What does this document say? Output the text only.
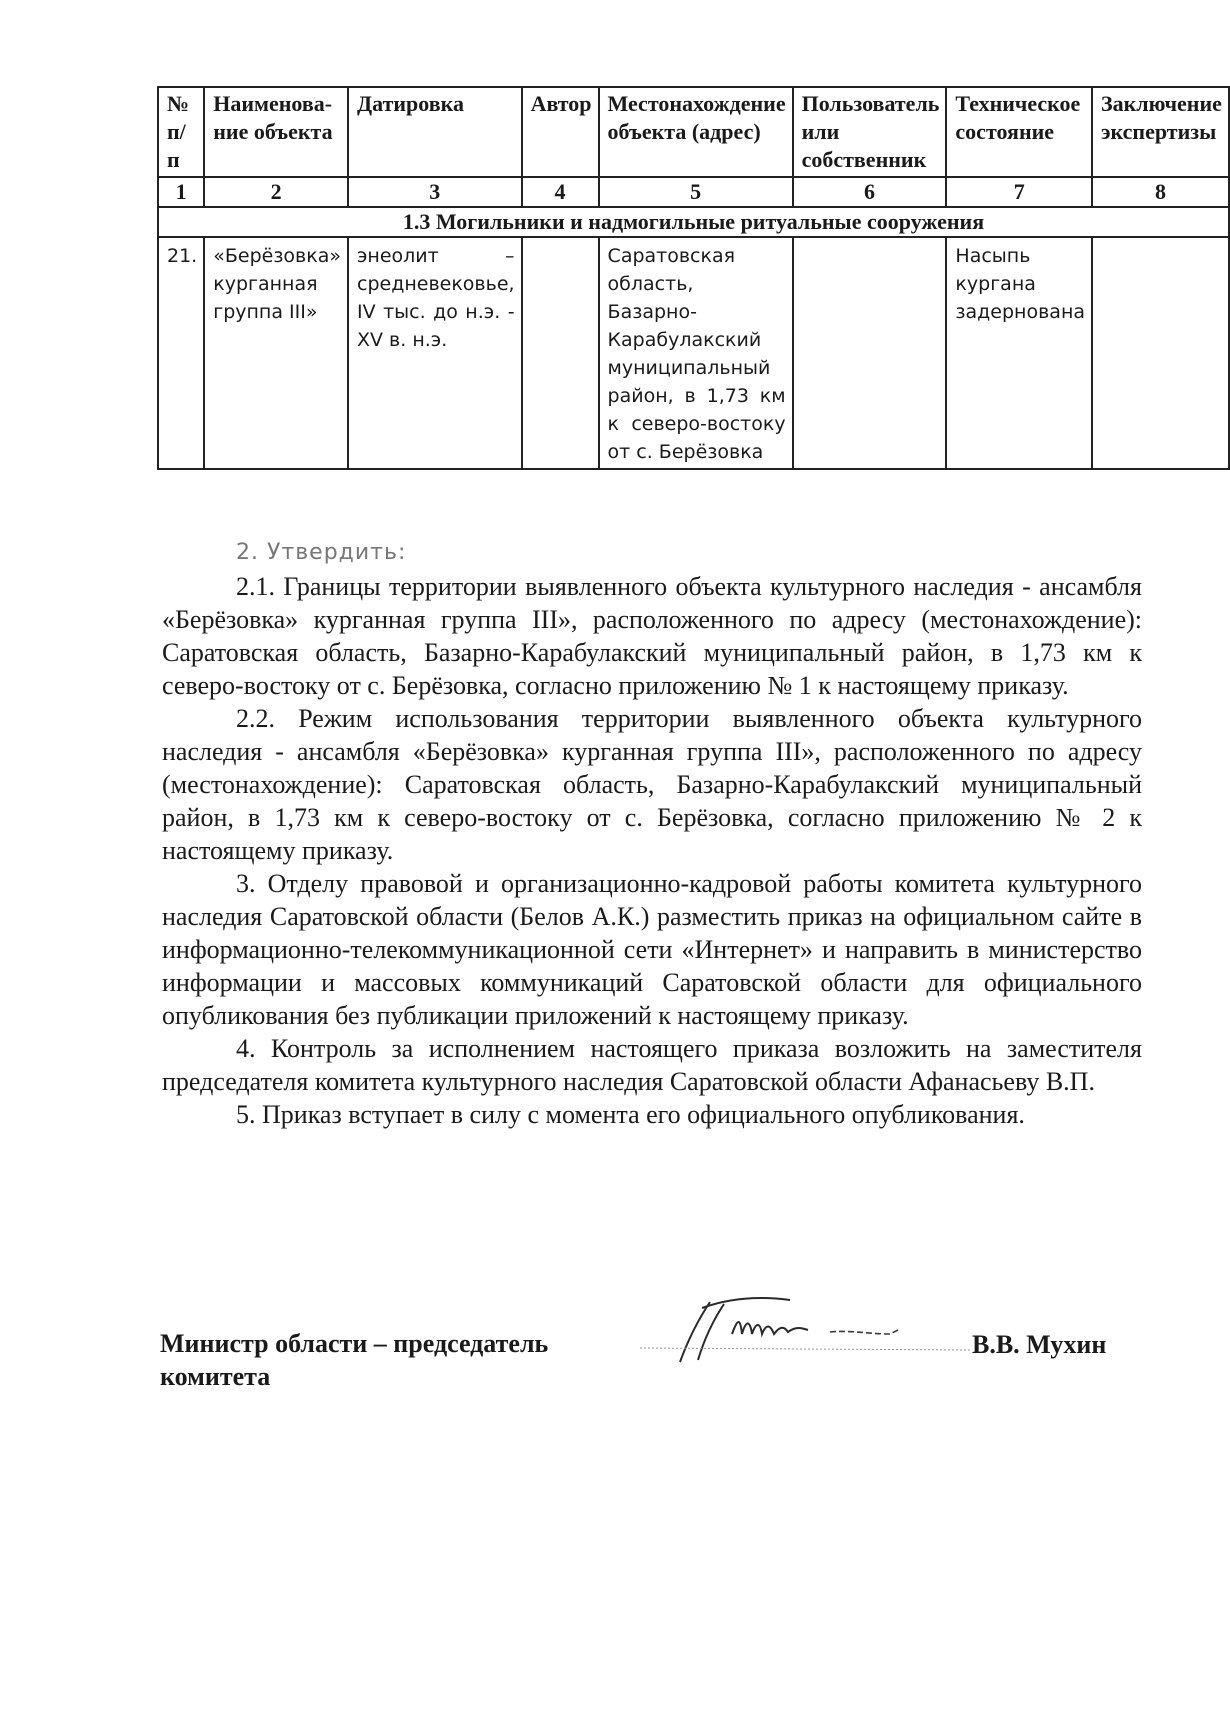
№ п/п	Наименова-ние объекта	Датировка	Автор	Местонахождение объекта (адрес)	Пользователь или собственник	Техническое состояние	Заключение экспертизы
1	2	3	4	5	6	7	8
1.3 Могильники и надмогильные ритуальные сооружения							
21.	«Берёзовка» курганная группа III»	энеолит – средневековье, IV тыс. до н.э. - XV в. н.э.		Саратовская область, Базарно-Карабулакский муниципальный район, в 1,73 км к северо-востоку от с. Берёзовка		Насыпь кургана задернована	

2. Утвердить:

2.1. Границы территории выявленного объекта культурного наследия - ансамбля «Берёзовка» курганная группа III», расположенного по адресу (местонахождение): Саратовская область, Базарно-Карабулакский муниципальный район, в 1,73 км к северо-востоку от с. Берёзовка, согласно приложению № 1 к настоящему приказу.

2.2. Режим использования территории выявленного объекта культурного наследия - ансамбля «Берёзовка» курганная группа III», расположенного по адресу (местонахождение): Саратовская область, Базарно-Карабулакский муниципальный район, в 1,73 км к северо-востоку от с. Берёзовка, согласно приложению № 2 к настоящему приказу.

3. Отделу правовой и организационно-кадровой работы комитета культурного наследия Саратовской области (Белов А.К.) разместить приказ на официальном сайте в информационно-телекоммуникационной сети «Интернет» и направить в министерство информации и массовых коммуникаций Саратовской области для официального опубликования без публикации приложений к настоящему приказу.

4. Контроль за исполнением настоящего приказа возложить на заместителя председателя комитета культурного наследия Саратовской области Афанасьеву В.П.

5. Приказ вступает в силу с момента его официального опубликования.

Министр области – председатель
комитета
В.В. Мухин
